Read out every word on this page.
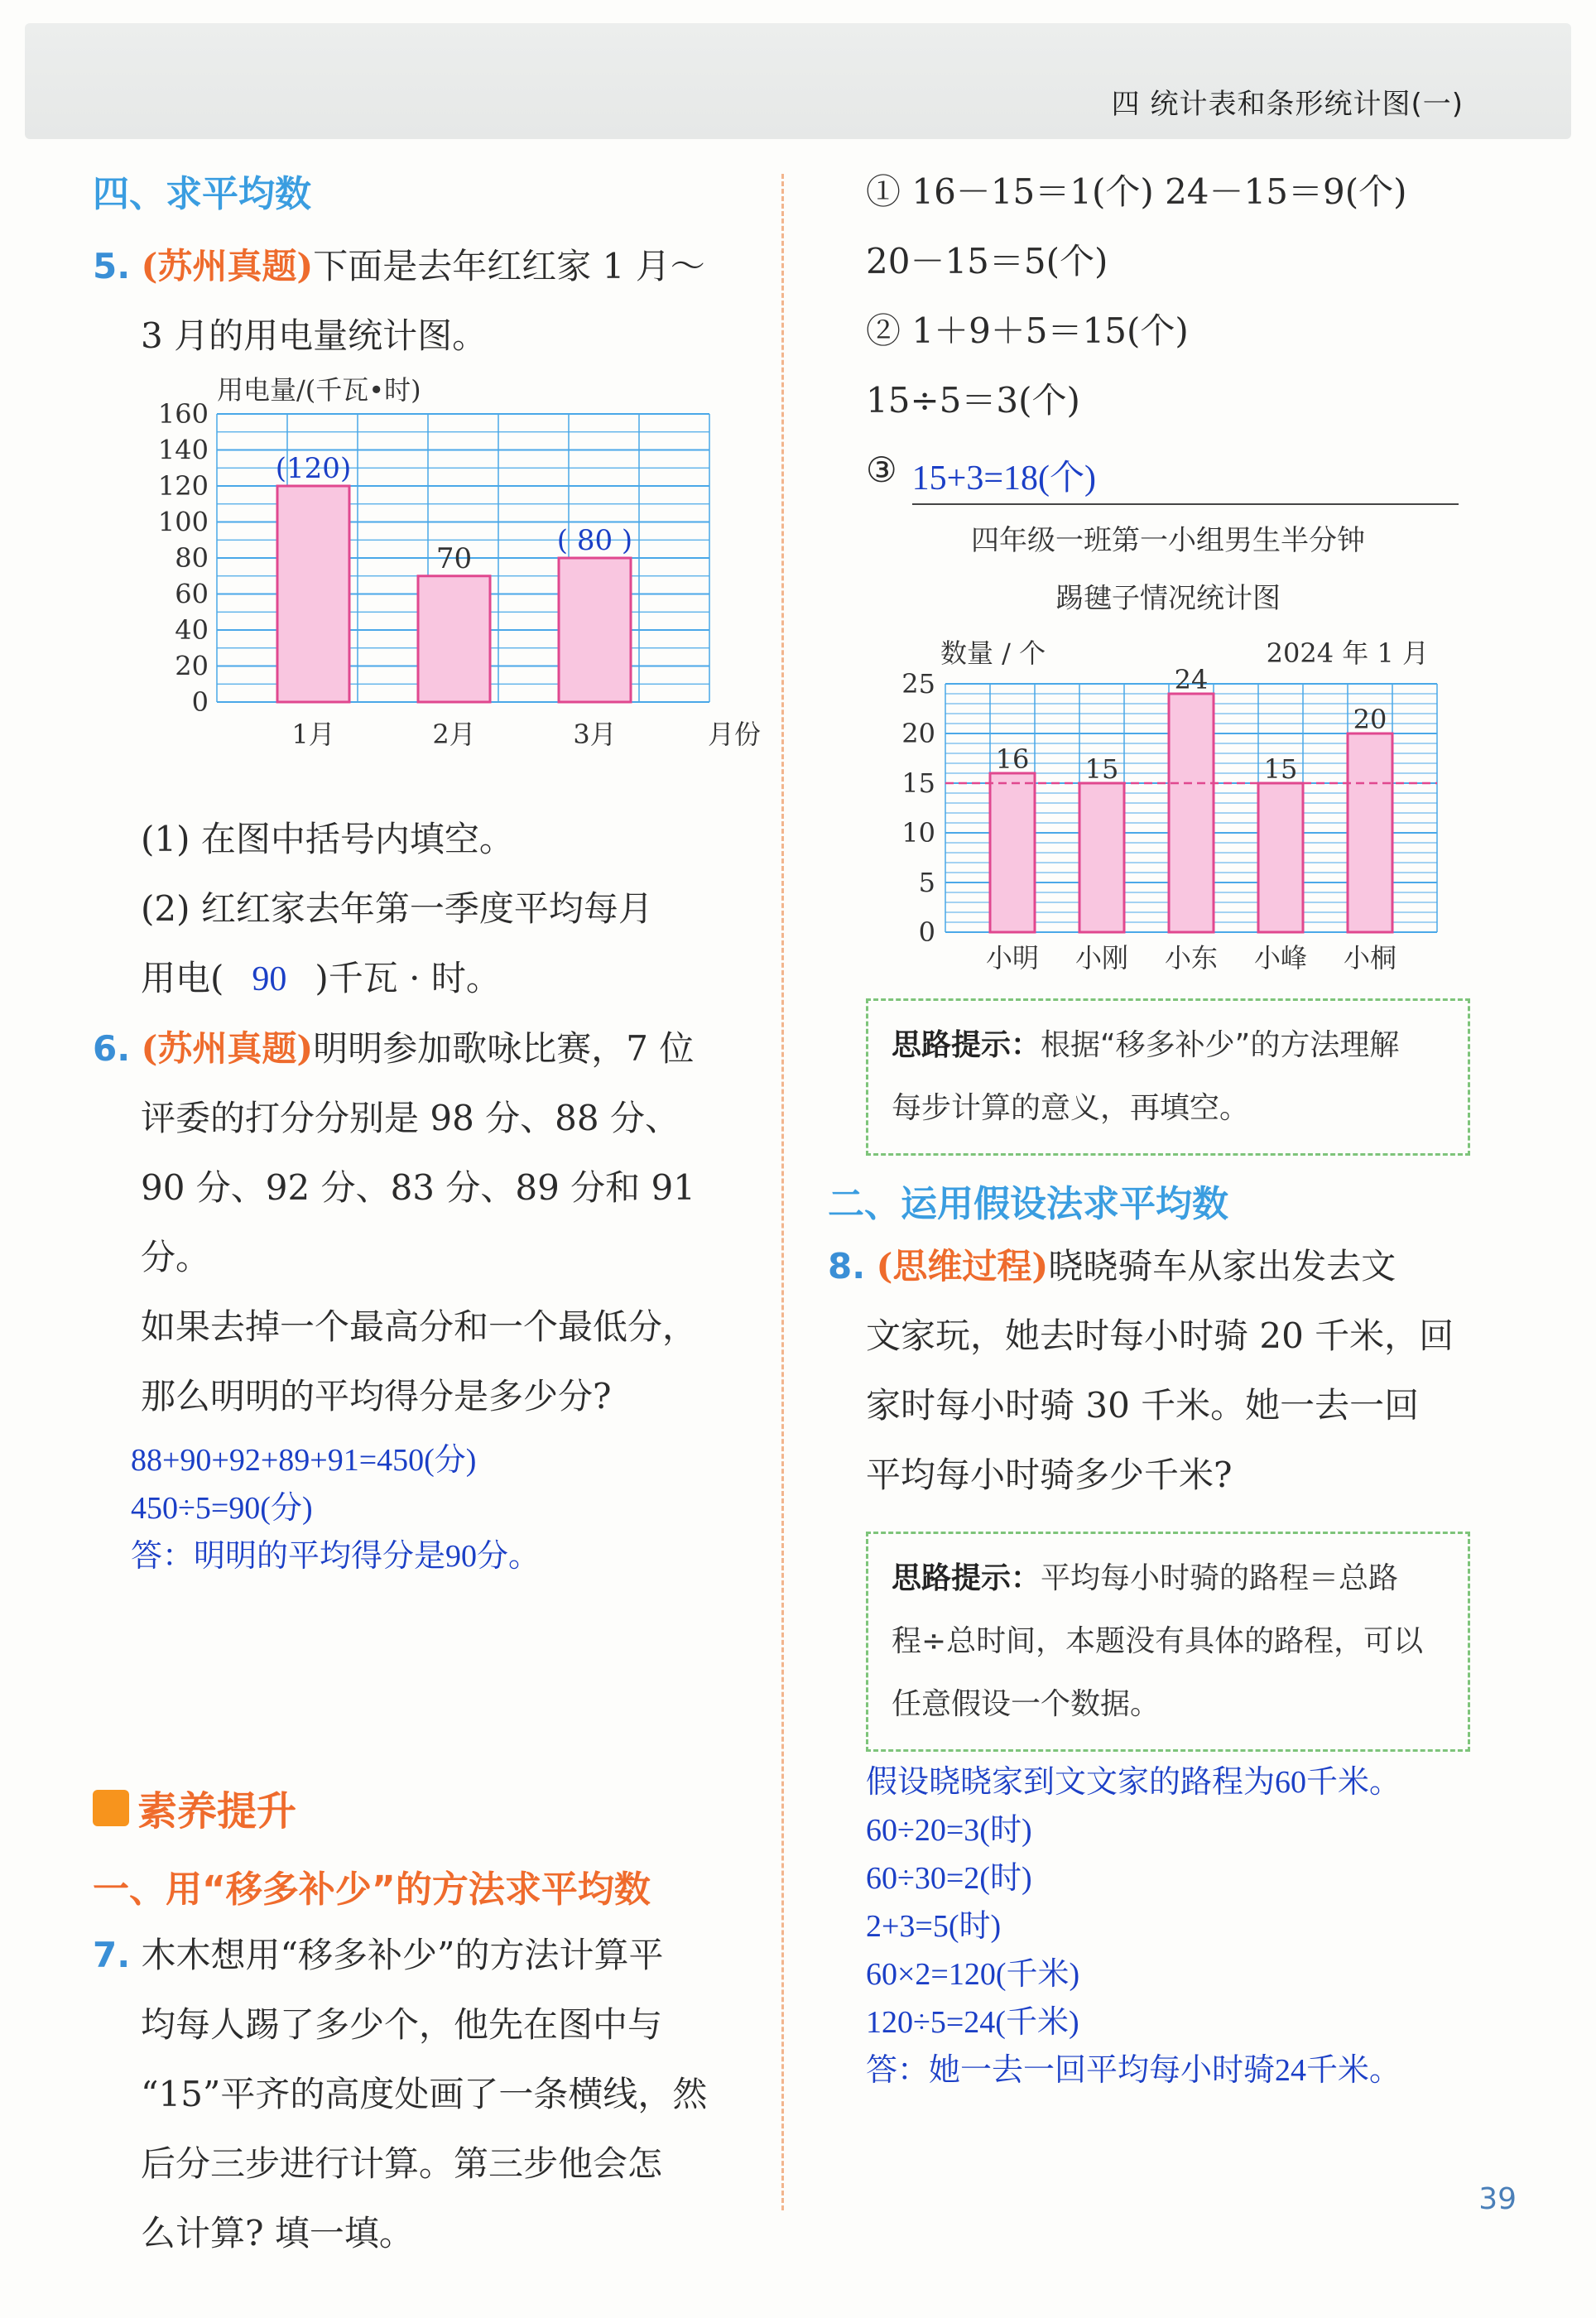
四 统计表和条形统计图(一)
四、求平均数
5. (苏州真题)下面是去年红红家 1 月～
3 月的用电量统计图。
用电量/(千瓦•时)
0
20
40
60
80
100
120
140
160
(120)
1月
70
2月
( 80 )
3月	月份
(1) 在图中括号内填空。
(2) 红红家去年第一季度平均每月
用电( 90 )千瓦 · 时。
6. (苏州真题)明明参加歌咏比赛，7 位
评委的打分分别是 98 分、88 分、
90 分、92 分、83 分、89 分和 91 分。
如果去掉一个最高分和一个最低分，
那么明明的平均得分是多少分?
88+90+92+89+91=450(分)
450÷5=90(分)
答：明明的平均得分是90分。
素养提升
一、用“移多补少”的方法求平均数
7. 木木想用“移多补少”的方法计算平
均每人踢了多少个，他先在图中与
“15”平齐的高度处画了一条横线，然
后分三步进行计算。第三步他会怎
么计算? 填一填。
① 16－15＝1(个) 24－15＝9(个)
20－15＝5(个)
② 1＋9＋5＝15(个)
15÷5＝3(个)
③ 15+3=18(个)
四年级一班第一小组男生半分钟
踢毽子情况统计图
数量 / 个	2024 年 1 月
0
5
10
15
20
25
16
小明
15
小刚
24
小东
15
小峰
20
小桐
思路提示：根据“移多补少”的方法理解
每步计算的意义，再填空。
二、运用假设法求平均数
8. (思维过程)晓晓骑车从家出发去文
文家玩，她去时每小时骑 20 千米，回
家时每小时骑 30 千米。她一去一回
平均每小时骑多少千米?
思路提示：平均每小时骑的路程＝总路
程÷总时间，本题没有具体的路程，可以
任意假设一个数据。
假设晓晓家到文文家的路程为60千米。
60÷20=3(时)
60÷30=2(时)
2+3=5(时)
60×2=120(千米)
120÷5=24(千米)
答：她一去一回平均每小时骑24千米。
39
